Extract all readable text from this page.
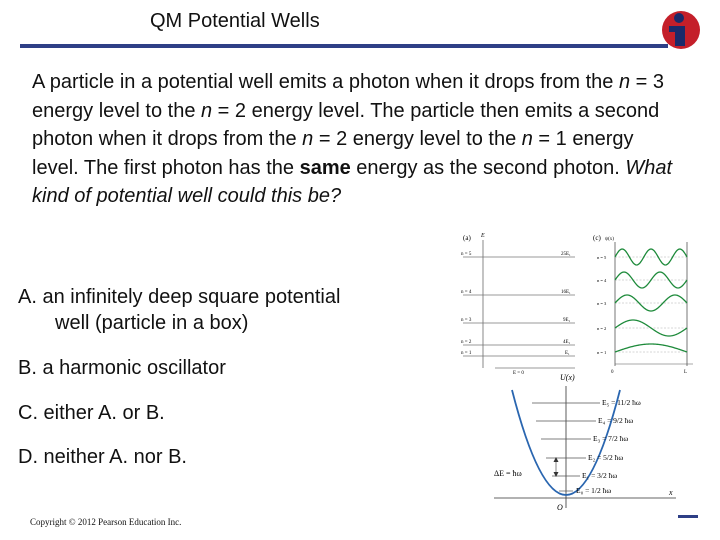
QM Potential Wells
A particle in a potential well emits a photon when it drops from the n = 3 energy level to the n = 2 energy level. The particle then emits a second photon when it drops from the n = 2 energy level to the n = 1 energy level. The first photon has the same energy as the second photon. What kind of potential well could this be?
A. an infinitely deep square potential
well (particle in a box)
B. a harmonic oscillator
C. either A. or B.
D. neither A. nor B.
(a) E
n = 5
n = 4
n = 3
n = 2
n = 1
E = 0
25E₁
16E₁
9E₁
4E₁
E₁
(c) ψ(x)
0	L
n = 5
n = 4
n = 3
n = 2
n = 1
U(x)
x
O
ΔE = ħω
E₅ = 11/2 ħω
E₄ = 9/2 ħω
E₃ = 7/2 ħω
E₂ = 5/2 ħω
E₁ = 3/2 ħω
E₀ = 1/2 ħω
Copyright © 2012 Pearson Education Inc.
